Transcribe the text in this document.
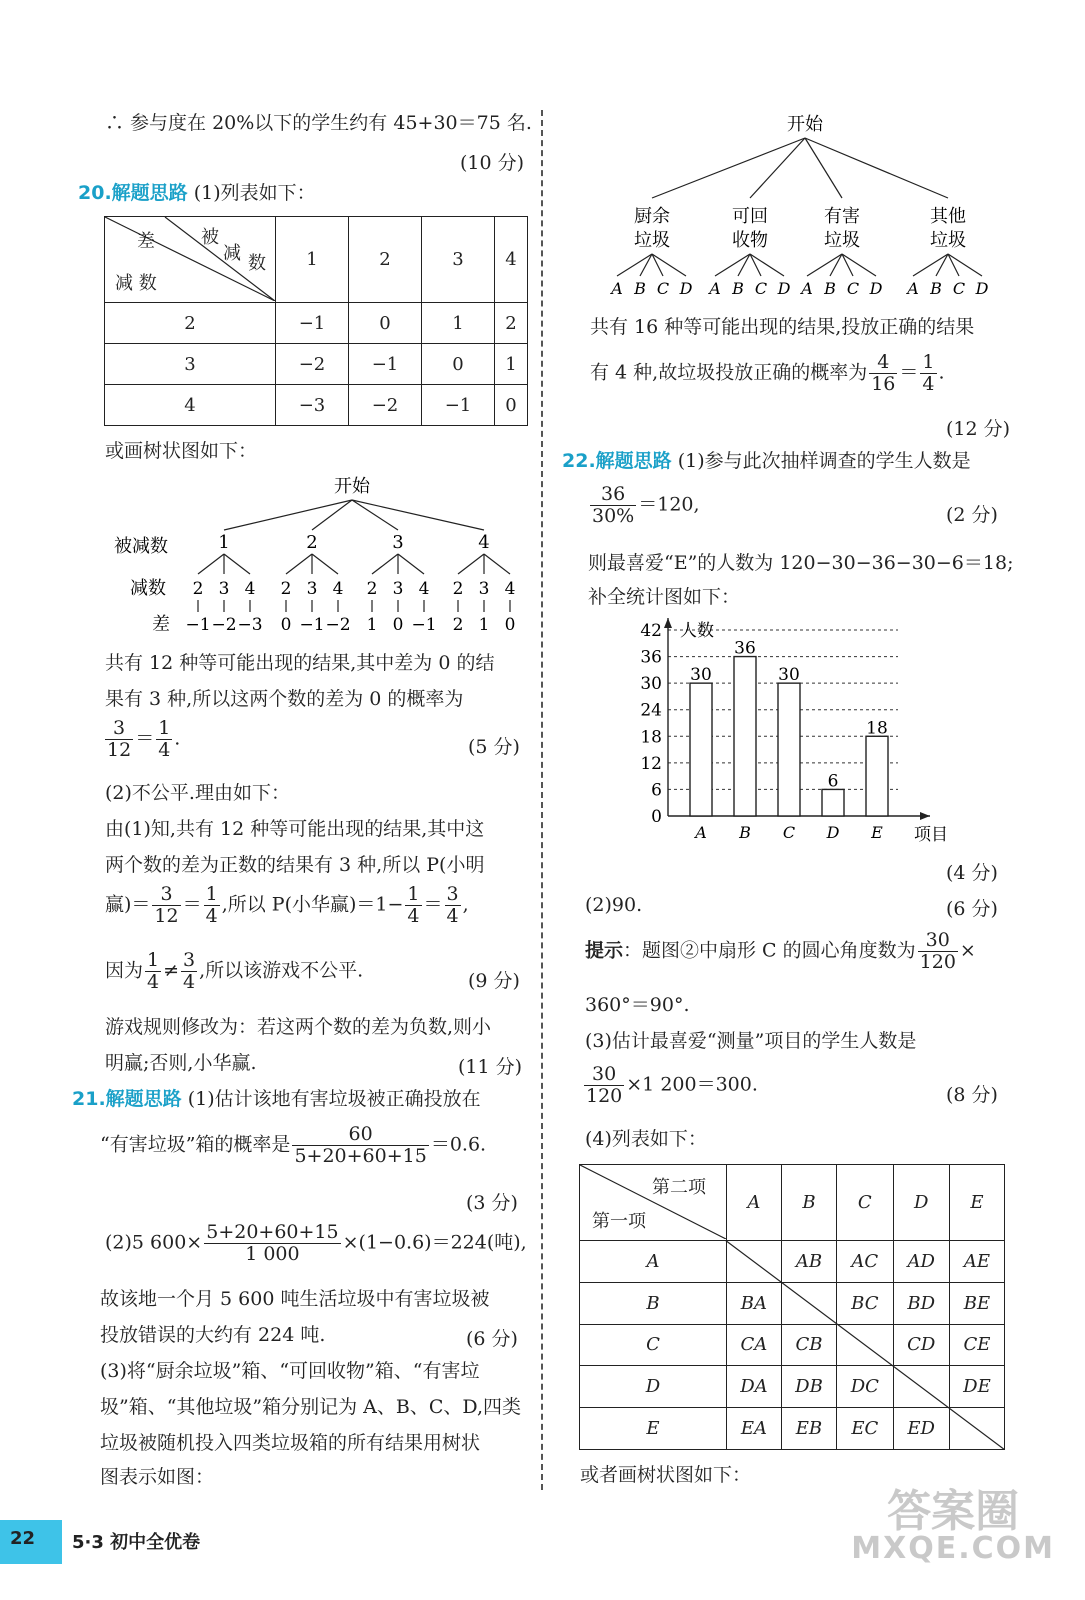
∴ 参与度在 20%以下的学生约有 45+30＝75 名.
(10 分)
20.解题思路 (1)列表如下：
差 被
减 数
减 数	1	2	3	4
2	−1	0	1	2
3	−2	−1	0	1
4	−3	−2	−1	0
或画树状图如下：
开始
被减数
减数
差
1
2
−1
3
−2
4
−3
2
2
0
3
−1
4
−2
3
2
1
3
0
4
−1
4
2
2
3
1
4
0
共有 12 种等可能出现的结果,其中差为 0 的结
果有 3 种,所以这两个数的差为 0 的概率为
$\frac{3}{12} = \frac{1}{4}$ .	(5 分)
(2)不公平.理由如下：
由(1)知,共有 12 种等可能出现的结果,其中这
两个数的差为正数的结果有 3 种,所以 P(小明
赢)＝ $\frac{3}{12} = \frac{1}{4}$ ,所以 P(小华赢)$=1- \frac{1}{4} = \frac{3}{4}$ ,
因为 $\frac{1}{4} \ne \frac{3}{4}$ ,所以该游戏不公平.	(9 分)
游戏规则修改为：若这两个数的差为负数,则小
明赢;否则,小华赢.	(11 分)
21.解题思路 (1)估计该地有害垃圾被正确投放在
“有害垃圾”箱的概率是 $\frac{60}{5+20+60+15} =0.6$.
(3 分)
(2)5 $600\times \frac{5+20+60+15}{1 000} \times(1-0.6)=224$(吨),
故该地一个月 5 600 吨生活垃圾中有害垃圾被
投放错误的大约有 224 吨.	(6 分)
(3)将“厨余垃圾”箱、“可回收物”箱、“有害垃
圾”箱、“其他垃圾”箱分别记为 A、B、C、D,四类
垃圾被随机投入四类垃圾箱的所有结果用树状
图表示如图：
开始
厨余
垃圾
A B C D
可回
收物
A B C D
有害
垃圾
A B C D
其他
垃圾
A B C D
共有 16 种等可能出现的结果,投放正确的结果
有 4 种,故垃圾投放正确的概率为 $\frac{4}{16} = \frac{1}{4}$ .
(12 分)
22.解题思路 (1)参与此次抽样调查的学生人数是
$\frac{36}{30\%} =120$,	(2 分)
则最喜爱“E”的人数为 120−30−36−30−6＝18;
补全统计图如下：
0
6
12
18
24
30
36
42 人数
项目
30
A
36
B
30
C
6
D
18
E
(4 分)
(2)90.	(6 分)
提示：题图②中扇形 C 的圆心角度数为 $\frac{30}{120}$ ×
360°＝90°.
(3)估计最喜爱“测量”项目的学生人数是
$\frac{30}{120} \times 1$ 200＝300.	(8 分)
(4)列表如下：
第二项
第一项	A	B	C	D	E
A		AB	AC	AD	AE
B	BA		BC	BD	BE
C	CA	CB		CD	CE
D	DA	DB	DC		DE
E	EA	EB	EC	ED	
或者画树状图如下：
22 5·3 初中全优卷
答案圈
MXQE.COM
